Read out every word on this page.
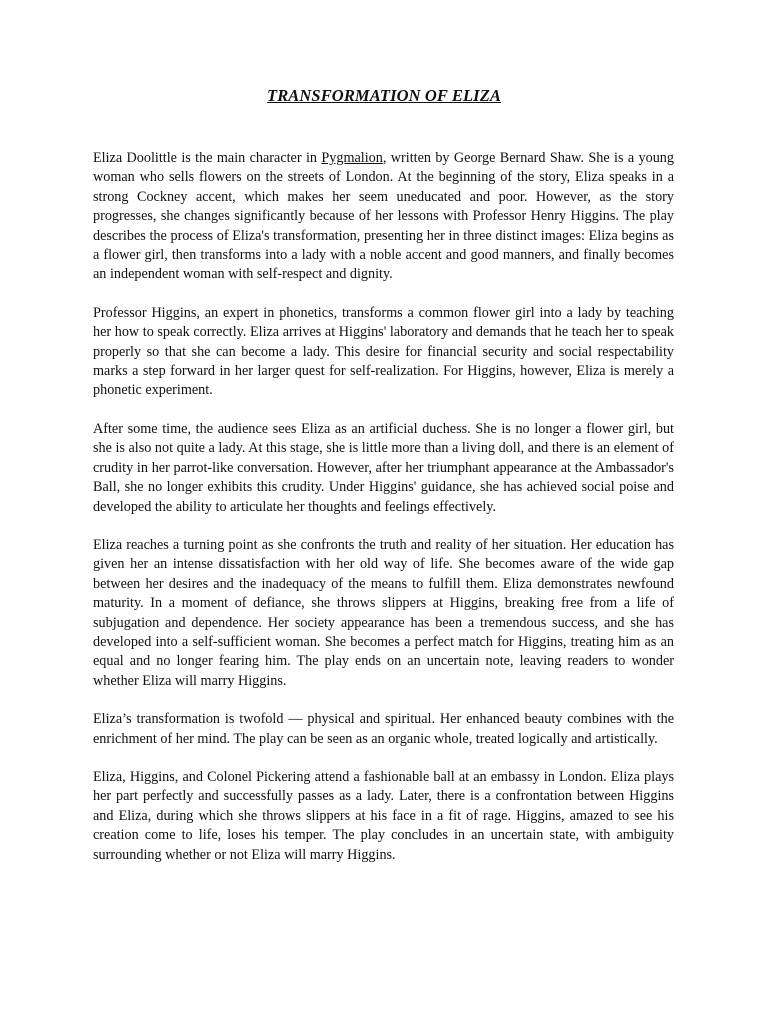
TRANSFORMATION OF ELIZA

Eliza Doolittle is the main character in Pygmalion, written by George Bernard Shaw. She is a young woman who sells flowers on the streets of London. At the beginning of the story, Eliza speaks in a strong Cockney accent, which makes her seem uneducated and poor. However, as the story progresses, she changes significantly because of her lessons with Professor Henry Higgins. The play describes the process of Eliza's transformation, presenting her in three distinct images: Eliza begins as a flower girl, then transforms into a lady with a noble accent and good manners, and finally becomes an independent woman with self-respect and dignity.

Professor Higgins, an expert in phonetics, transforms a common flower girl into a lady by teaching her how to speak correctly. Eliza arrives at Higgins' laboratory and demands that he teach her to speak properly so that she can become a lady. This desire for financial security and social respectability marks a step forward in her larger quest for self-realization. For Higgins, however, Eliza is merely a phonetic experiment.

After some time, the audience sees Eliza as an artificial duchess. She is no longer a flower girl, but she is also not quite a lady. At this stage, she is little more than a living doll, and there is an element of crudity in her parrot-like conversation. However, after her triumphant appearance at the Ambassador's Ball, she no longer exhibits this crudity. Under Higgins' guidance, she has achieved social poise and developed the ability to articulate her thoughts and feelings effectively.

Eliza reaches a turning point as she confronts the truth and reality of her situation. Her education has given her an intense dissatisfaction with her old way of life. She becomes aware of the wide gap between her desires and the inadequacy of the means to fulfill them. Eliza demonstrates newfound maturity. In a moment of defiance, she throws slippers at Higgins, breaking free from a life of subjugation and dependence. Her society appearance has been a tremendous success, and she has developed into a self-sufficient woman. She becomes a perfect match for Higgins, treating him as an equal and no longer fearing him. The play ends on an uncertain note, leaving readers to wonder whether Eliza will marry Higgins.

Eliza’s transformation is twofold — physical and spiritual. Her enhanced beauty combines with the enrichment of her mind. The play can be seen as an organic whole, treated logically and artistically.

Eliza, Higgins, and Colonel Pickering attend a fashionable ball at an embassy in London. Eliza plays her part perfectly and successfully passes as a lady. Later, there is a confrontation between Higgins and Eliza, during which she throws slippers at his face in a fit of rage. Higgins, amazed to see his creation come to life, loses his temper. The play concludes in an uncertain state, with ambiguity surrounding whether or not Eliza will marry Higgins.
